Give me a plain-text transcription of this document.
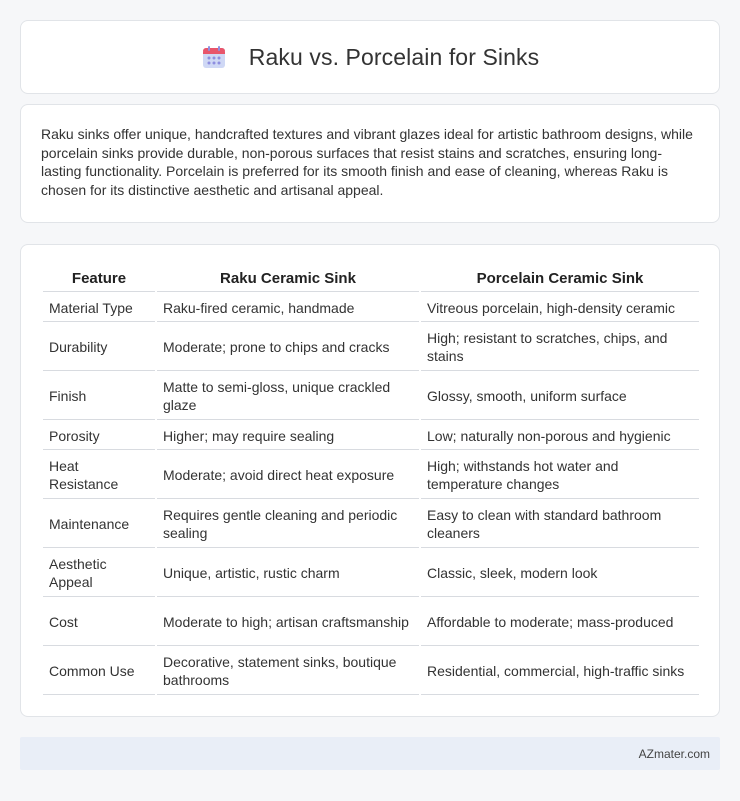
Raku vs. Porcelain for Sinks

Raku sinks offer unique, handcrafted textures and vibrant glazes ideal for artistic bathroom designs, while porcelain sinks provide durable, non-porous surfaces that resist stains and scratches, ensuring long-lasting functionality. Porcelain is preferred for its smooth finish and ease of cleaning, whereas Raku is chosen for its distinctive aesthetic and artisanal appeal.

Feature	Raku Ceramic Sink	Porcelain Ceramic Sink
Material Type	Raku-fired ceramic, handmade	Vitreous porcelain, high-density ceramic
Durability	Moderate; prone to chips and cracks	High; resistant to scratches, chips, and stains
Finish	Matte to semi-gloss, unique crackled glaze	Glossy, smooth, uniform surface
Porosity	Higher; may require sealing	Low; naturally non-porous and hygienic
Heat Resistance	Moderate; avoid direct heat exposure	High; withstands hot water and temperature changes
Maintenance	Requires gentle cleaning and periodic sealing	Easy to clean with standard bathroom cleaners
Aesthetic Appeal	Unique, artistic, rustic charm	Classic, sleek, modern look
Cost	Moderate to high; artisan craftsmanship	Affordable to moderate; mass-produced
Common Use	Decorative, statement sinks, boutique bathrooms	Residential, commercial, high-traffic sinks
AZmater.com
